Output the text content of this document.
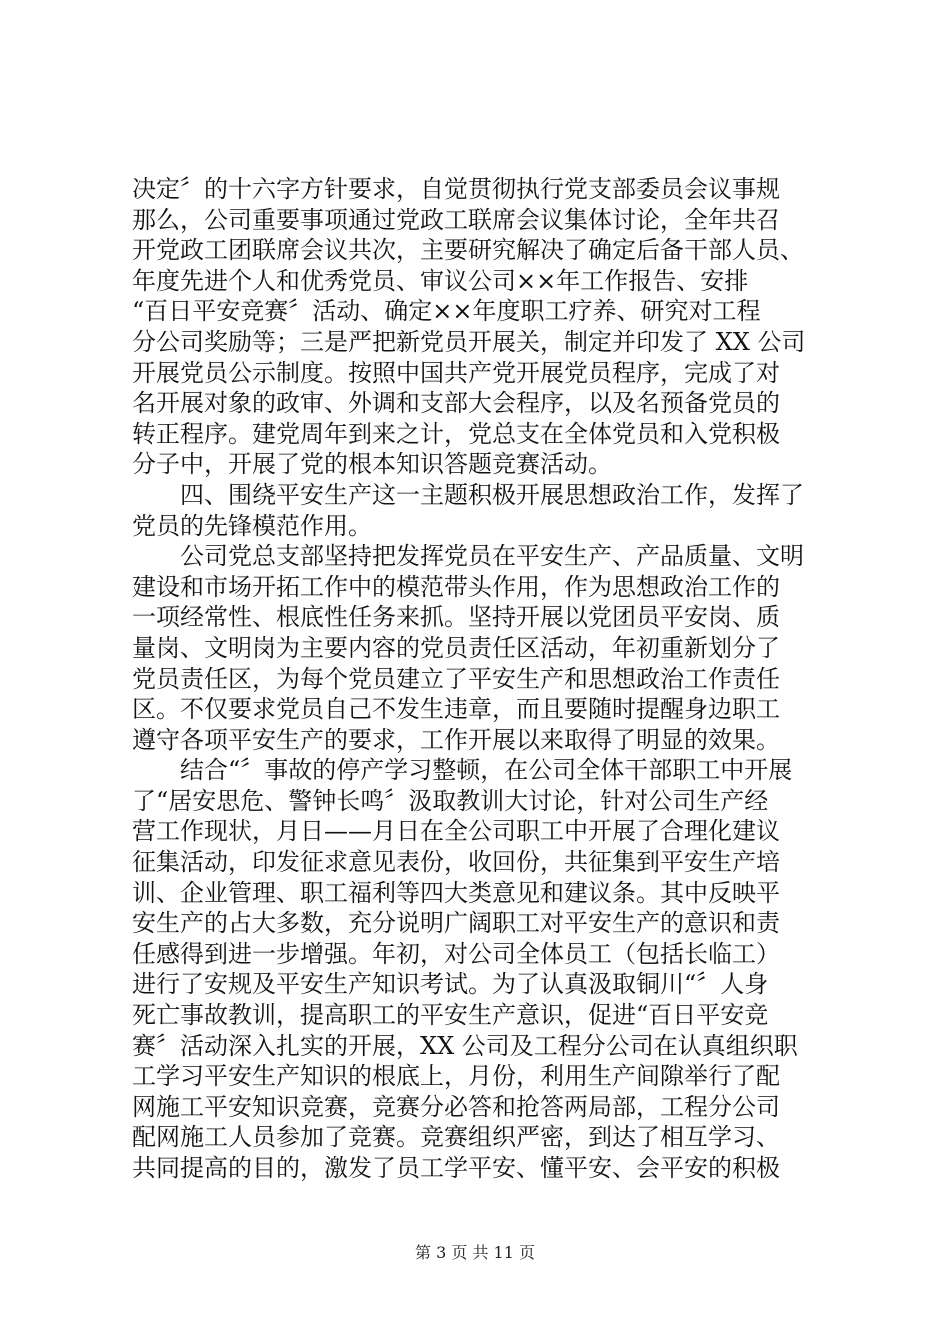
决定〞的十六字方针要求，自觉贯彻执行党支部委员会议事规
那么，公司重要事项通过党政工联席会议集体讨论，全年共召
开党政工团联席会议共次，主要研究解决了确定后备干部人员、
年度先进个人和优秀党员、审议公司××年工作报告、安排
“百日平安竞赛〞活动、确定××年度职工疗养、研究对工程
分公司奖励等；三是严把新党员开展关，制定并印发了 XX 公司
开展党员公示制度。按照中国共产党开展党员程序，完成了对
名开展对象的政审、外调和支部大会程序，以及名预备党员的
转正程序。建党周年到来之计，党总支在全体党员和入党积极
分子中，开展了党的根本知识答题竞赛活动。
四、围绕平安生产这一主题积极开展思想政治工作，发挥了
党员的先锋模范作用。
公司党总支部坚持把发挥党员在平安生产、产品质量、文明
建设和市场开拓工作中的模范带头作用，作为思想政治工作的
一项经常性、根底性任务来抓。坚持开展以党团员平安岗、质
量岗、文明岗为主要内容的党员责任区活动，年初重新划分了
党员责任区，为每个党员建立了平安生产和思想政治工作责任
区。不仅要求党员自己不发生违章，而且要随时提醒身边职工
遵守各项平安生产的要求，工作开展以来取得了明显的效果。
结合“〞事故的停产学习整顿，在公司全体干部职工中开展
了“居安思危、警钟长鸣〞汲取教训大讨论，针对公司生产经
营工作现状，月日——月日在全公司职工中开展了合理化建议
征集活动，印发征求意见表份，收回份，共征集到平安生产培
训、企业管理、职工福利等四大类意见和建议条。其中反映平
安生产的占大多数，充分说明广阔职工对平安生产的意识和责
任感得到进一步增强。年初，对公司全体员工（包括长临工）
进行了安规及平安生产知识考试。为了认真汲取铜川“〞人身
死亡事故教训，提高职工的平安生产意识，促进“百日平安竞
赛〞活动深入扎实的开展，XX 公司及工程分公司在认真组织职
工学习平安生产知识的根底上，月份，利用生产间隙举行了配
网施工平安知识竞赛，竞赛分必答和抢答两局部，工程分公司
配网施工人员参加了竞赛。竞赛组织严密，到达了相互学习、
共同提高的目的，激发了员工学平安、懂平安、会平安的积极
第 3 页 共 11 页
